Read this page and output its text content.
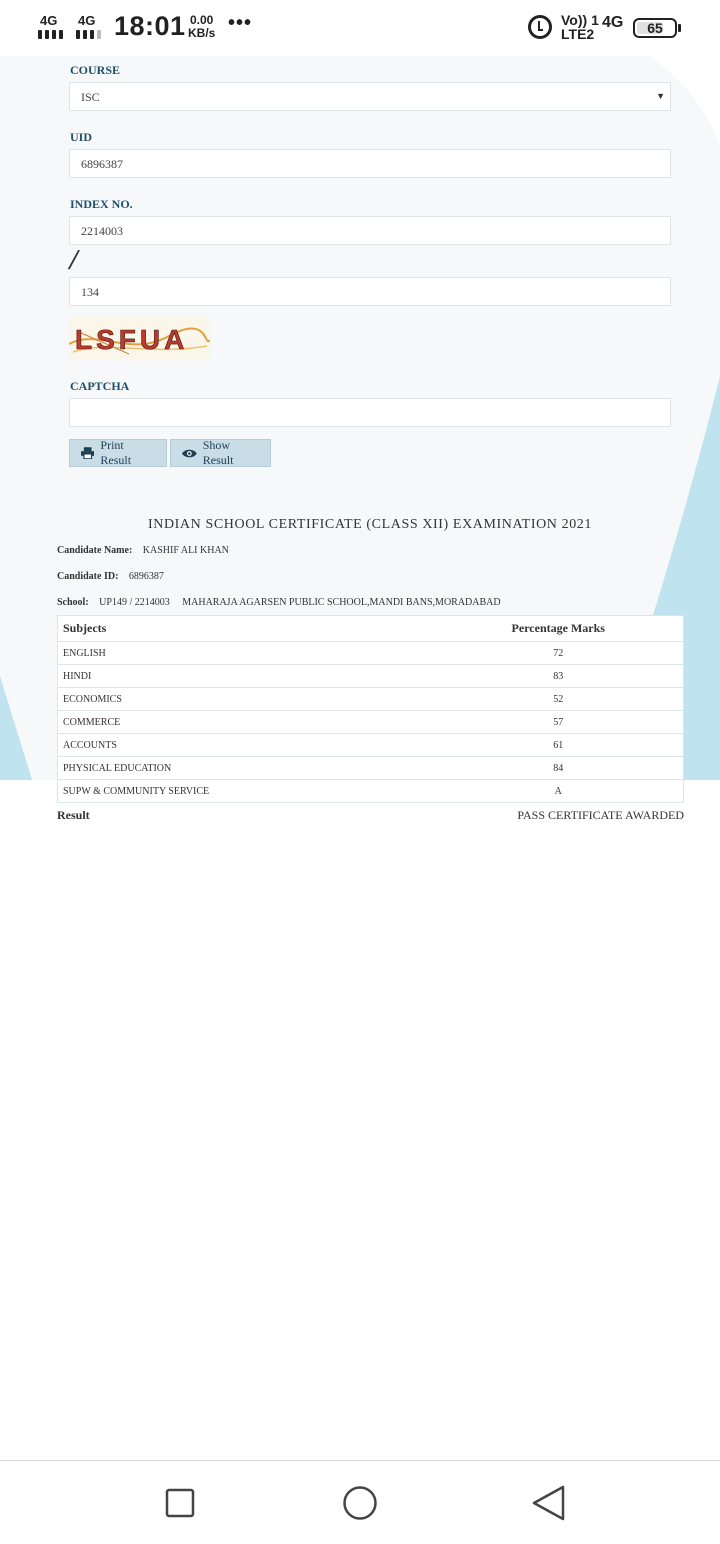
4G 4G 18:01 0.00
KB/s •••	Vo)) 1
LTE2
4G	65
COURSE
ISC	▼
UID
6896387
INDEX NO.
2214003
/
134
LSFUA
CAPTCHA
Print Result
Show Result
INDIAN SCHOOL CERTIFICATE (CLASS XII) EXAMINATION 2021
Candidate Name: KASHIF ALI KHAN
Candidate ID: 6896387
School: UP149 / 2214003 MAHARAJA AGARSEN PUBLIC SCHOOL,MANDI BANS,MORADABAD
Subjects	Percentage Marks
ENGLISH	72
HINDI	83
ECONOMICS	52
COMMERCE	57
ACCOUNTS	61
PHYSICAL EDUCATION	84
SUPW & COMMUNITY SERVICE	A
Result	PASS CERTIFICATE AWARDED
